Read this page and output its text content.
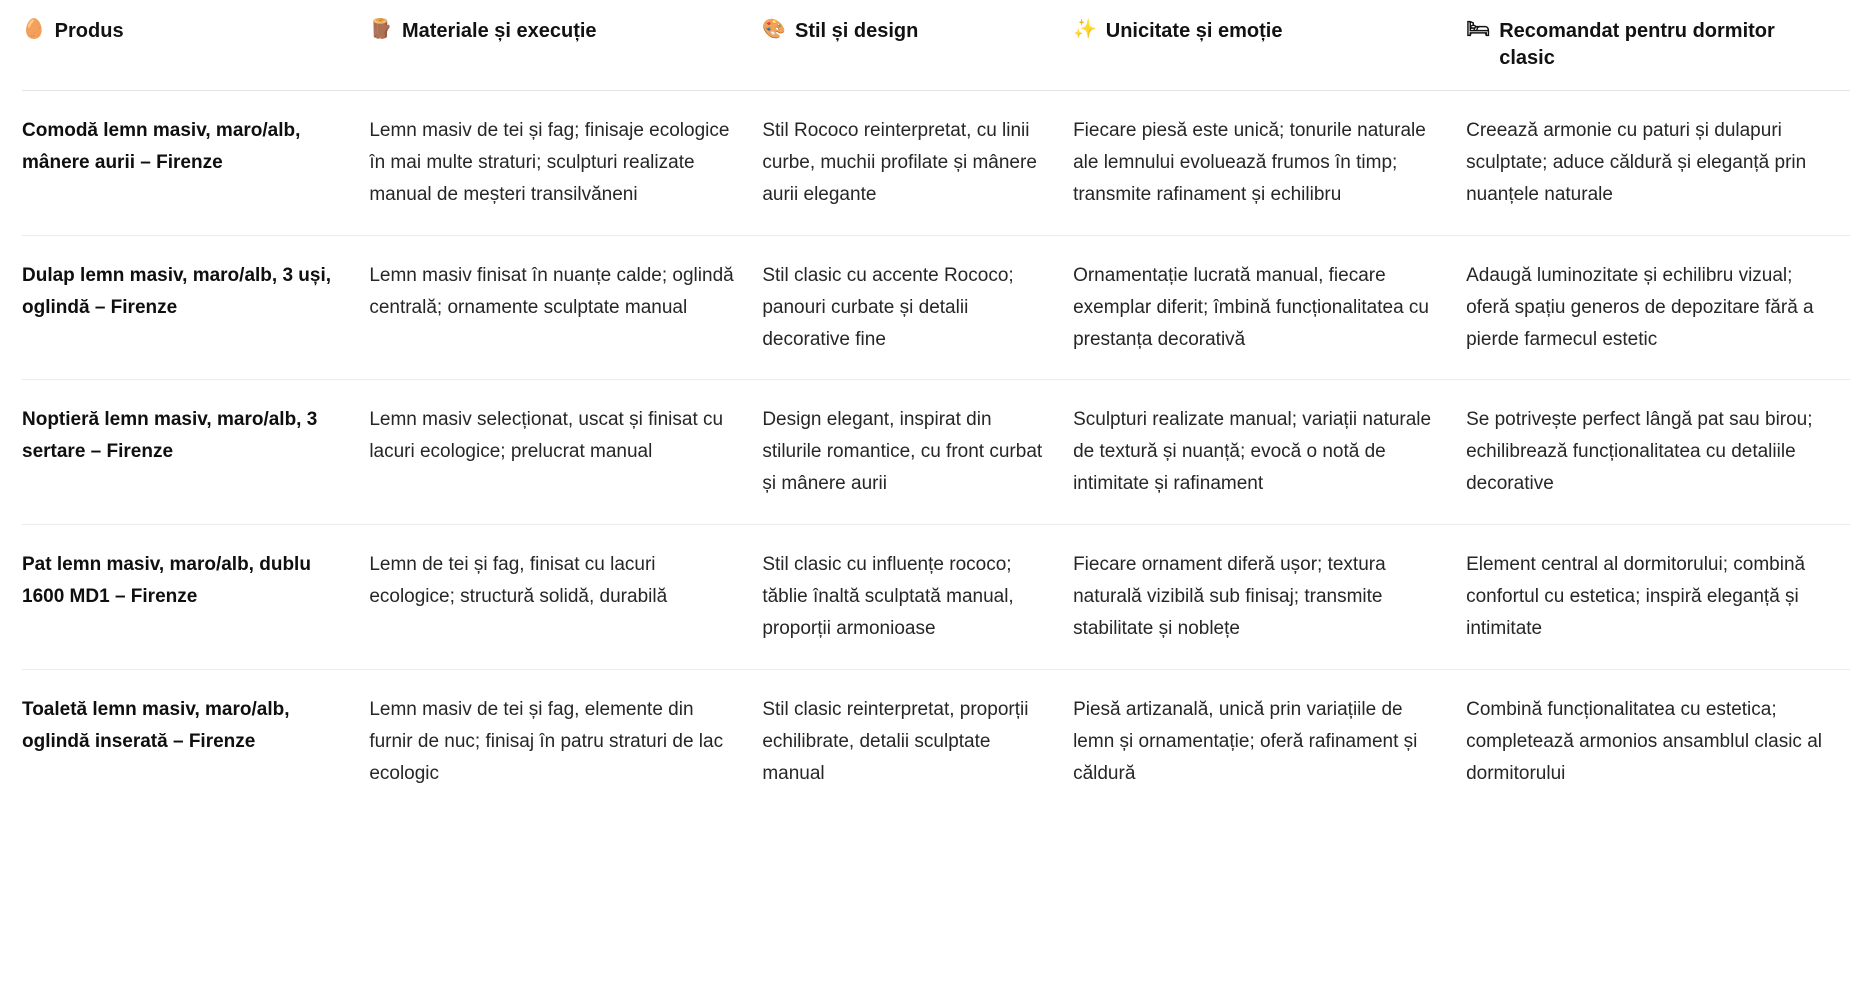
🥚 Produs	🪵 Materiale și execuție	🎨 Stil și design	✨ Unicitate și emoție	🛏 Recomandat pentru dormitor clasic

Comodă lemn masiv, maro/alb, mânere aurii – Firenze	Lemn masiv de tei și fag; finisaje ecologice în mai multe straturi; sculpturi realizate manual de meșteri transilvăneni	Stil Rococo reinterpretat, cu linii curbe, muchii profilate și mânere aurii elegante	Fiecare piesă este unică; tonurile naturale ale lemnului evoluează frumos în timp; transmite rafinament și echilibru	Creează armonie cu paturi și dulapuri sculptate; aduce căldură și eleganță prin nuanțele naturale
Dulap lemn masiv, maro/alb, 3 uși, oglindă – Firenze	Lemn masiv finisat în nuanțe calde; oglindă centrală; ornamente sculptate manual	Stil clasic cu accente Rococo; panouri curbate și detalii decorative fine	Ornamentație lucrată manual, fiecare exemplar diferit; îmbină funcționalitatea cu prestanța decorativă	Adaugă luminozitate și echilibru vizual; oferă spațiu generos de depozitare fără a pierde farmecul estetic
Noptieră lemn masiv, maro/alb, 3 sertare – Firenze	Lemn masiv selecționat, uscat și finisat cu lacuri ecologice; prelucrat manual	Design elegant, inspirat din stilurile romantice, cu front curbat și mânere aurii	Sculpturi realizate manual; variații naturale de textură și nuanță; evocă o notă de intimitate și rafinament	Se potrivește perfect lângă pat sau birou; echilibrează funcționalitatea cu detaliile decorative
Pat lemn masiv, maro/alb, dublu 1600 MD1 – Firenze	Lemn de tei și fag, finisat cu lacuri ecologice; structură solidă, durabilă	Stil clasic cu influențe rococo; tăblie înaltă sculptată manual, proporții armonioase	Fiecare ornament diferă ușor; textura naturală vizibilă sub finisaj; transmite stabilitate și noblețe	Element central al dormitorului; combină confortul cu estetica; inspiră eleganță și intimitate
Toaletă lemn masiv, maro/alb, oglindă inserată – Firenze	Lemn masiv de tei și fag, elemente din furnir de nuc; finisaj în patru straturi de lac ecologic	Stil clasic reinterpretat, proporții echilibrate, detalii sculptate manual	Piesă artizanală, unică prin variațiile de lemn și ornamentație; oferă rafinament și căldură	Combină funcționalitatea cu estetica; completează armonios ansamblul clasic al dormitorului
